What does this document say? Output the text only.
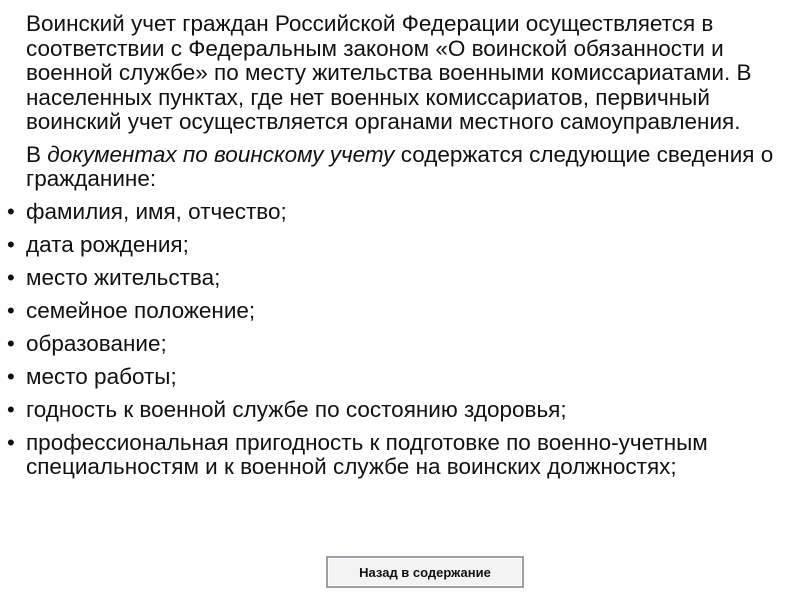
Воинский учет граждан Российской Федерации осуществляется в соответствии с Федеральным законом «О воинской обязанности и военной службе» по месту жительства военными комиссариатами. В населенных пунктах, где нет военных комиссариатов, первичный воинский учет осуществляется органами местного самоуправления.

В документах по воинскому учету содержатся следующие сведения о гражданине:

• фамилия, имя, отчество;
• дата рождения;
• место жительства;
• семейное положение;
• образование;
• место работы;
• годность к военной службе по состоянию здоровья;
• профессиональная пригодность к подготовке по военно-учетным специальностям и к военной службе на воинских должностях;
Назад в содержание
